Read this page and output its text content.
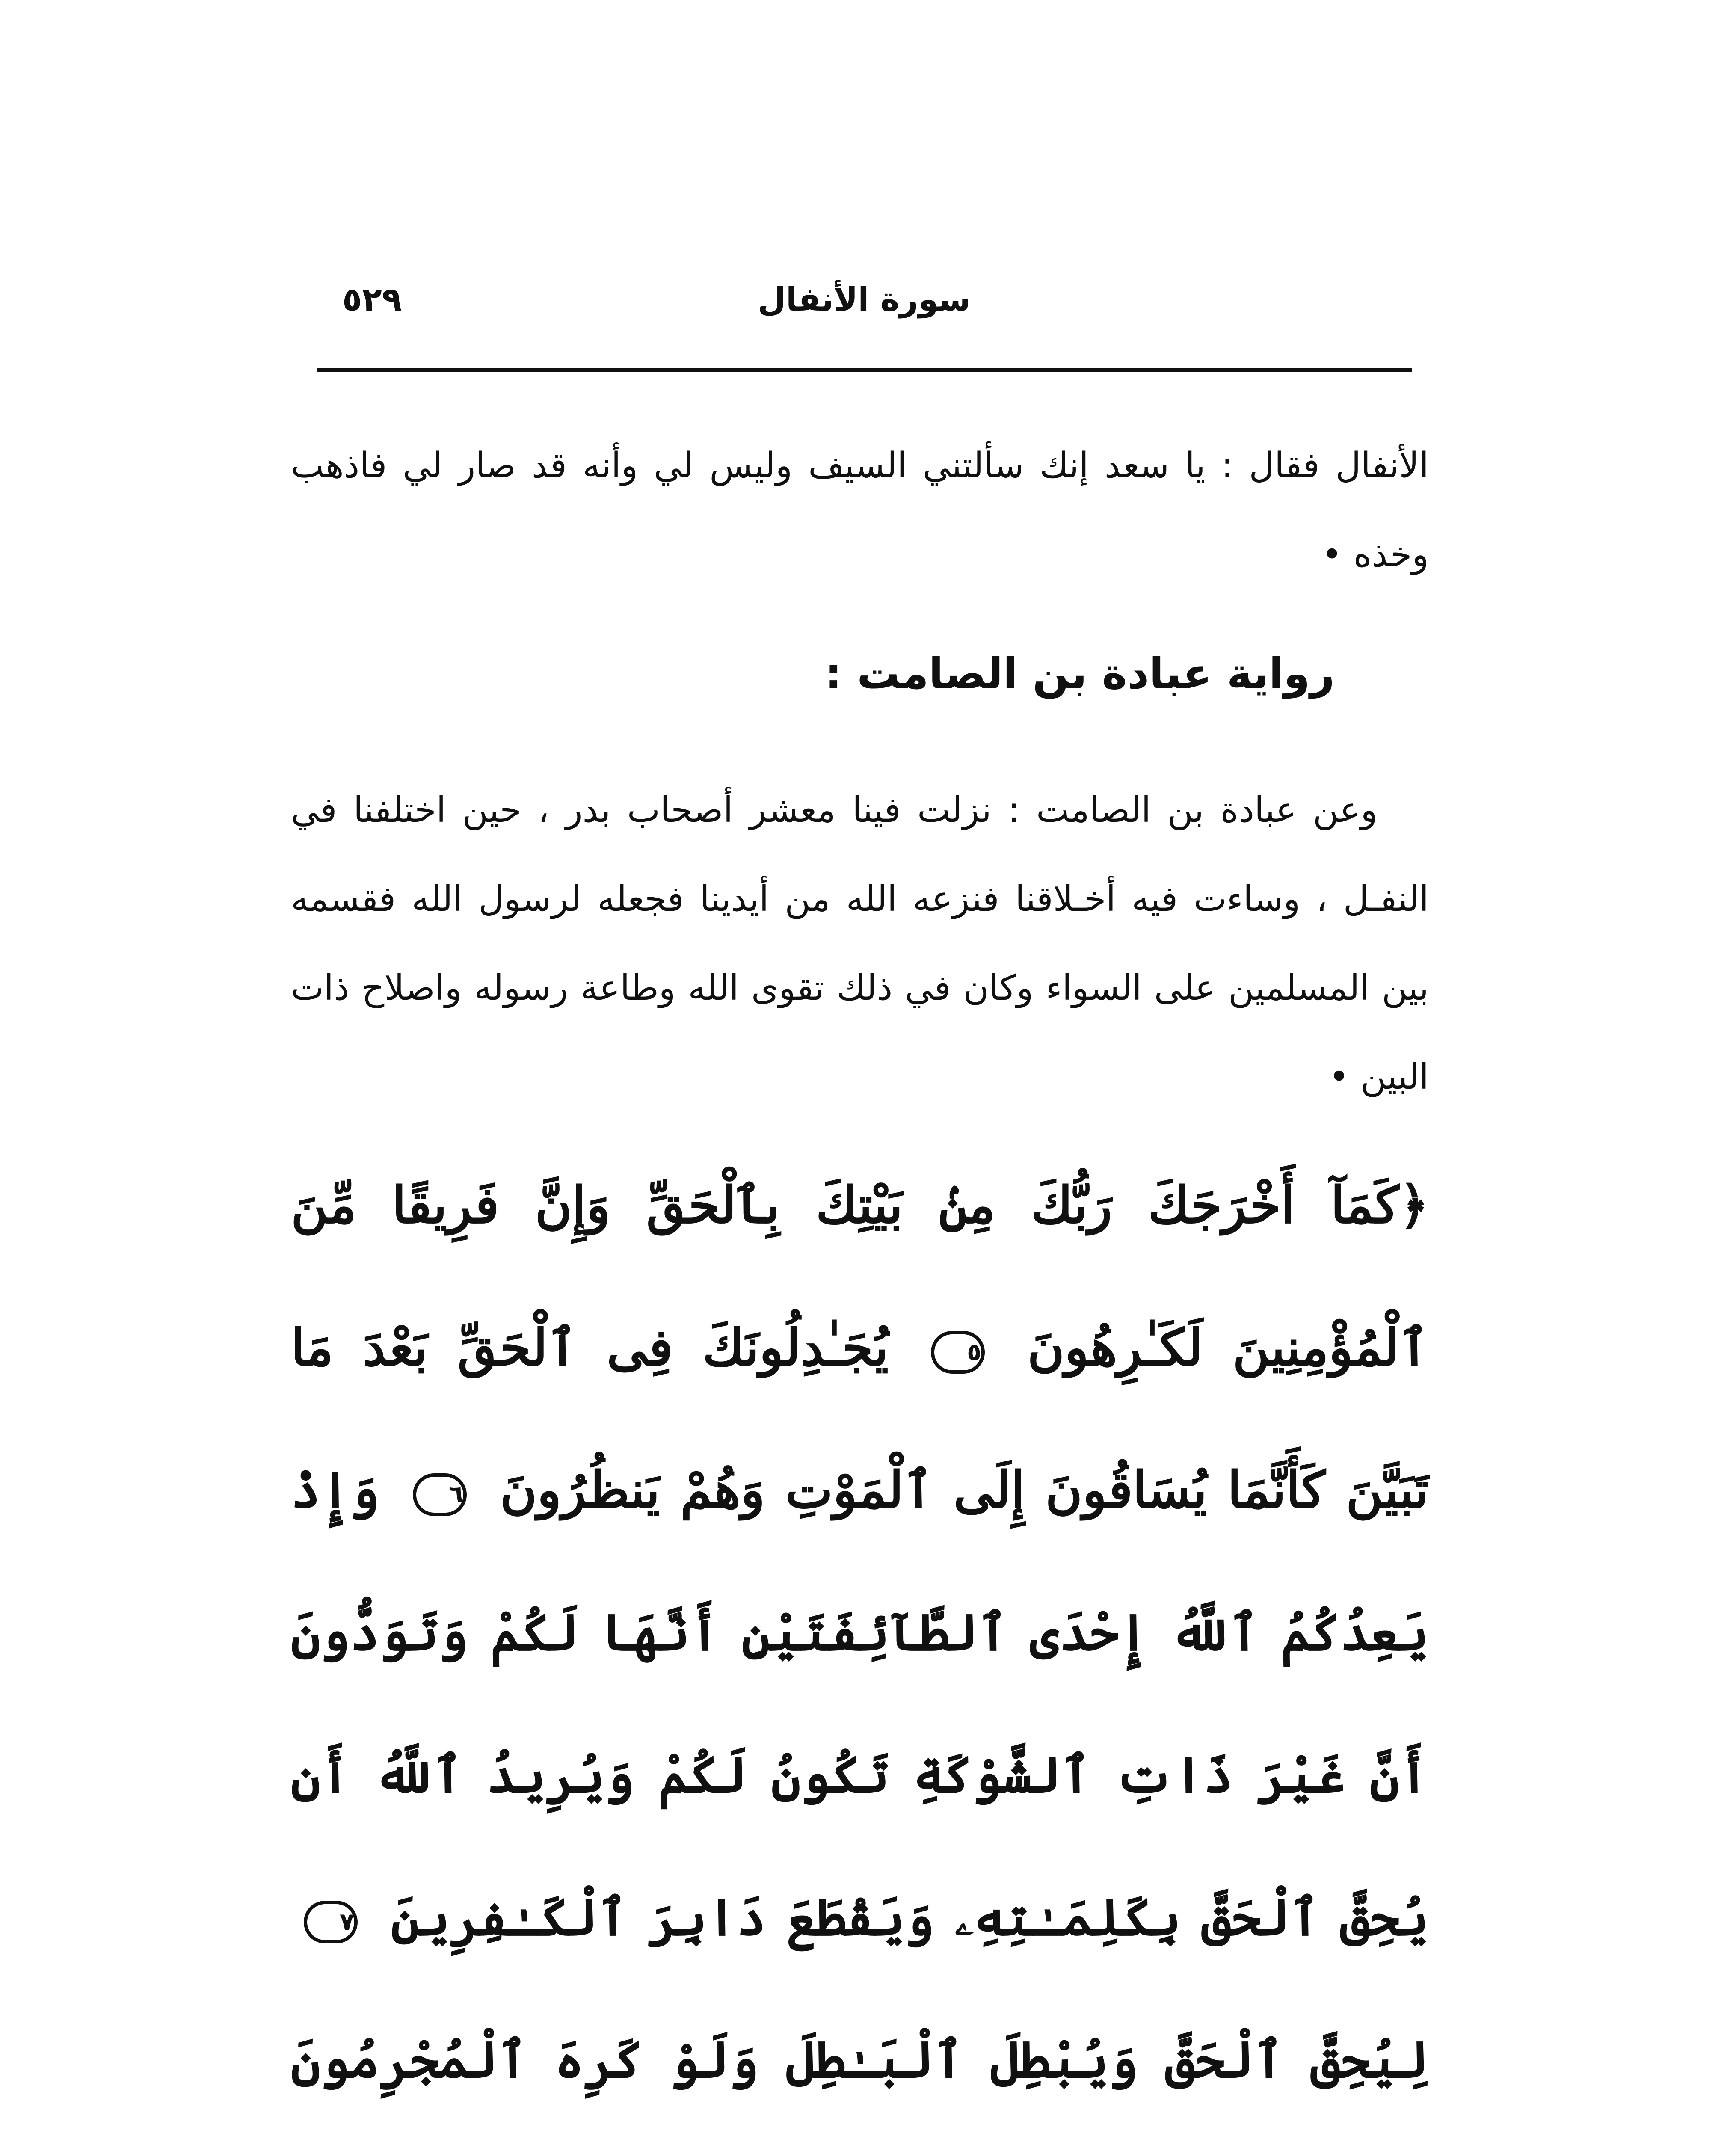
سورة الأنفال
٥٢٩

الأنفال فقال : يا سعد إنك سألتني السيف وليس لي وأنه قد صار لي فاذهب وخذه •

رواية عبادة بن الصامت :

وعن عبادة بن الصامت : نزلت فينا معشر أصحاب بدر ، حين اختلفنا في النفـل ، وساءت فيه أخـلاقنا فنزعه الله من أيدينا فجعله لرسول الله فقسمه بين المسلمين على السواء وكان في ذلك تقوى الله وطاعة رسوله واصلاح ذات البين •

﴿كَمَآ أَخْرَجَكَ رَبُّكَ مِنۢ بَيْتِكَ بِٱلْحَقِّ وَإِنَّ فَرِيقًا مِّنَ ٱلْمُؤْمِنِينَ لَكَـٰرِهُونَ ٥ يُجَـٰدِلُونَكَ فِى ٱلْحَقِّ بَعْدَ مَا تَبَيَّنَ كَأَنَّمَا يُسَاقُونَ إِلَى ٱلْمَوْتِ وَهُمْ يَنظُرُونَ ٦ وَإِذْ يَعِدُكُمُ ٱللَّهُ إِحْدَى ٱلطَّآئِفَتَيْنِ أَنَّهَا لَكُمْ وَتَوَدُّونَ أَنَّ غَيْرَ ذَاتِ ٱلشَّوْكَةِ تَكُونُ لَكُمْ وَيُرِيدُ ٱللَّهُ أَن يُحِقَّ ٱلْحَقَّ بِكَلِمَـٰتِهِۦ وَيَقْطَعَ دَابِرَ ٱلْكَـٰفِرِينَ ٧ لِيُحِقَّ ٱلْحَقَّ وَيُبْطِلَ ٱلْبَـٰطِلَ وَلَوْ كَرِهَ ٱلْمُجْرِمُونَ
